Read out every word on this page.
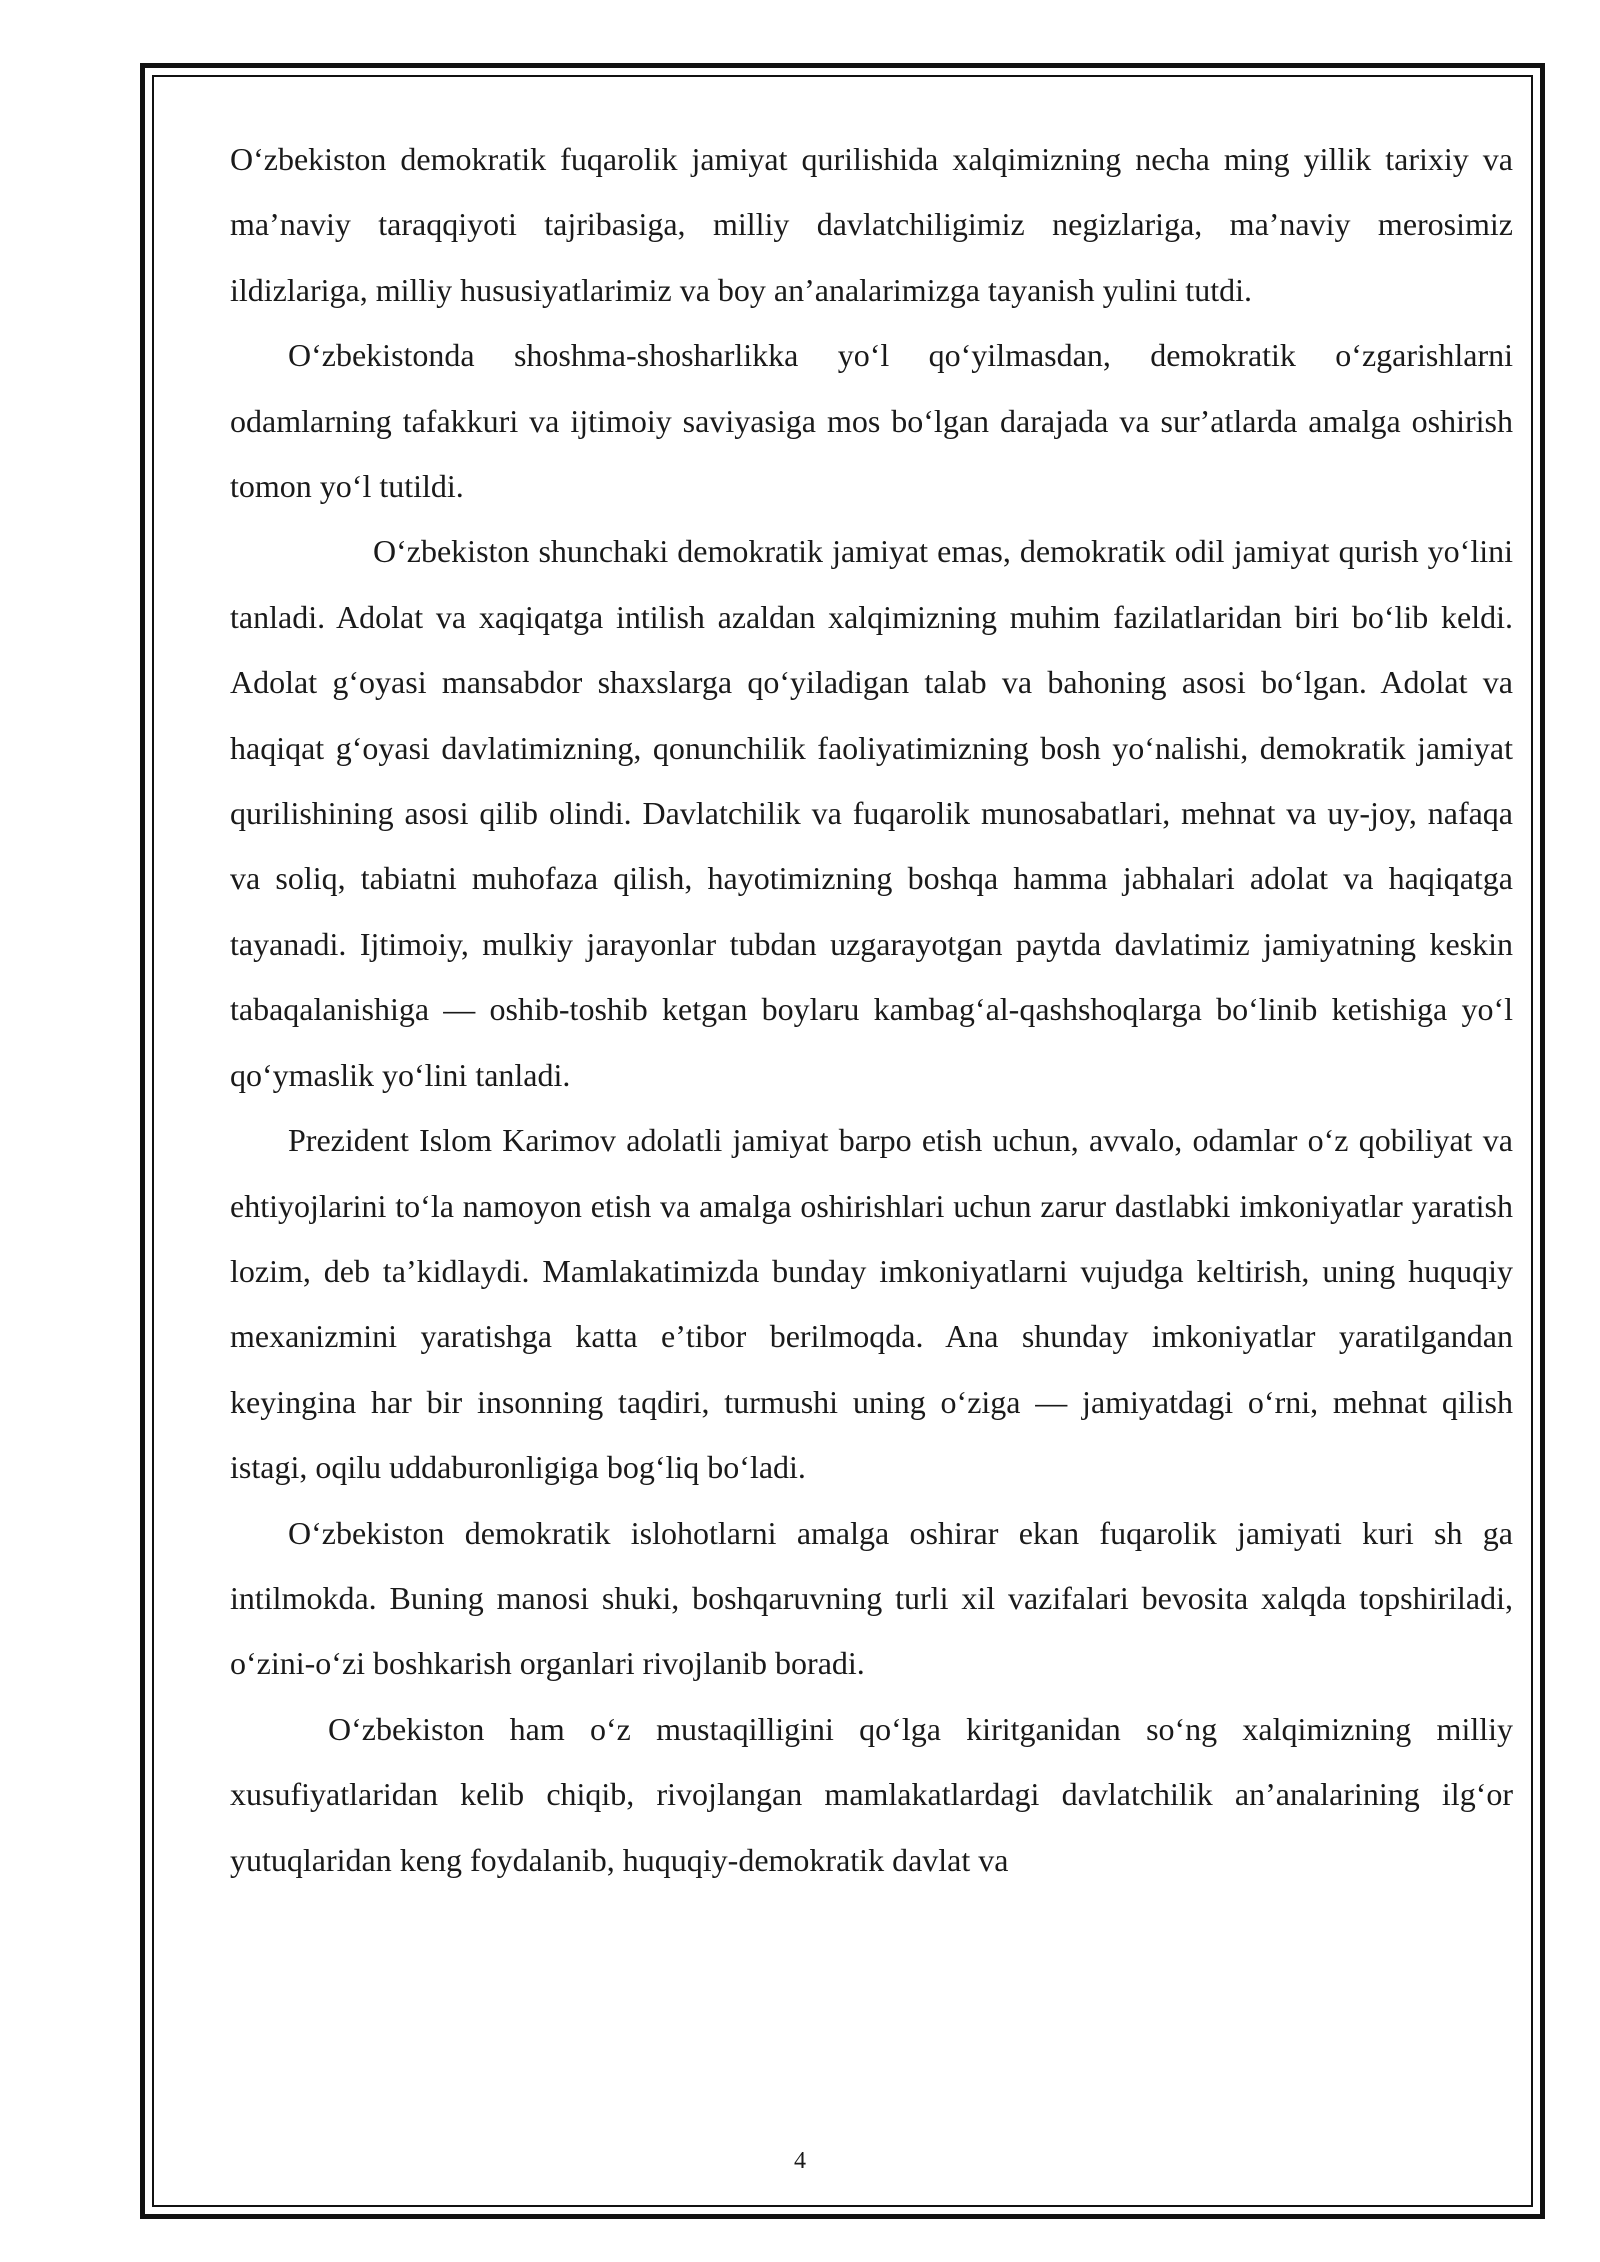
Oʻzbekiston demokratik fuqarolik jamiyat qurilishida xalqimizning necha ming yillik tarixiy va maʼnaviy taraqqiyoti tajribasiga, milliy davlatchiligimiz negizlariga, maʼnaviy merosimiz ildizlariga, milliy hususiyatlarimiz va boy anʼanalarimizga tayanish yulini tutdi.

Oʻzbekistonda shoshma-shosharlikka yoʻl qoʻyilmasdan, demokratik oʻzgarishlarni odamlarning tafakkuri va ijtimoiy saviyasiga mos boʻlgan darajada va surʼatlarda amalga oshirish tomon yoʻl tutildi.

Oʻzbekiston shunchaki demokratik jamiyat emas, demokratik odil jamiyat qurish yoʻlini tanladi. Adolat va xaqiqatga intilish azaldan xalqimizning muhim fazilatlaridan biri boʻlib keldi. Adolat gʻoyasi mansabdor shaxslarga qoʻyiladigan talab va bahoning asosi boʻlgan. Adolat va haqiqat gʻoyasi davlatimizning, qonunchilik faoliyatimizning bosh yoʻnalishi, demokratik jamiyat qurilishining asosi qilib olindi. Davlatchilik va fuqarolik munosabatlari, mehnat va uy-joy, nafaqa va soliq, tabiatni muhofaza qilish, hayotimizning boshqa hamma jabhalari adolat va haqiqatga tayanadi. Ijtimoiy, mulkiy jarayonlar tubdan uzgarayotgan paytda davlatimiz jamiyatning keskin tabaqalanishiga — oshib-toshib ketgan boylaru kambagʻal-qashshoqlarga boʻlinib ketishiga yoʻl qoʻymaslik yoʻlini tanladi.

Prezident Islom Karimov adolatli jamiyat barpo etish uchun, avvalo, odamlar oʻz qobiliyat va ehtiyojlarini toʻla namoyon etish va amalga oshirishlari uchun zarur dastlabki imkoniyatlar yaratish lozim, deb taʼkidlaydi. Mamlakatimizda bunday imkoniyatlarni vujudga keltirish, uning huquqiy mexanizmini yaratishga katta eʼtibor berilmoqda. Ana shunday imkoniyatlar yaratilgandan keyingina har bir insonning taqdiri, turmushi uning oʻziga — jamiyatdagi oʻrni, mehnat qilish istagi, oqilu uddaburonligiga bogʻliq boʻladi.

Oʻzbekiston demokratik islohotlarni amalga oshirar ekan fuqarolik jamiyati kuri sh ga intilmokda. Buning manosi shuki, boshqaruvning turli xil vazifalari bevosita xalqda topshiriladi, oʻzini-oʻzi boshkarish organlari rivojlanib boradi.

Oʻzbekiston ham oʻz mustaqilligini qoʻlga kiritganidan soʻng xalqimizning milliy xusufiyatlaridan kelib chiqib, rivojlangan mamlakatlardagi davlatchilik anʼanalarining ilgʻor yutuqlaridan keng foydalanib, huquqiy-demokratik davlat va

4
